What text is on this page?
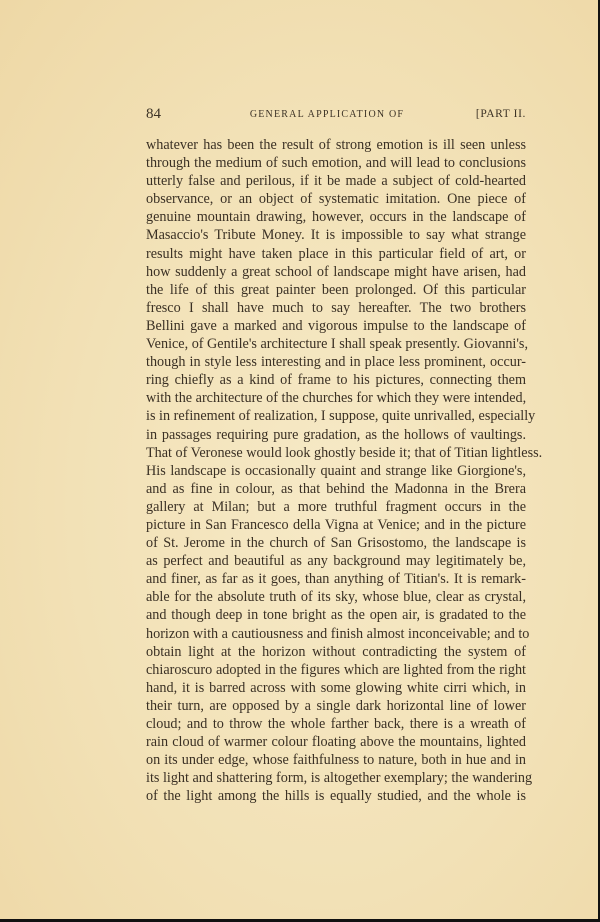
84	GENERAL APPLICATION OF	[PART II.
whatever has been the result of strong emotion is ill seen unless
through the medium of such emotion, and will lead to conclusions
utterly false and perilous, if it be made a subject of cold-hearted
observance, or an object of systematic imitation. One piece of
genuine mountain drawing, however, occurs in the landscape of
Masaccio's Tribute Money. It is impossible to say what strange
results might have taken place in this particular field of art, or
how suddenly a great school of landscape might have arisen, had
the life of this great painter been prolonged. Of this particular
fresco I shall have much to say hereafter. The two brothers
Bellini gave a marked and vigorous impulse to the landscape of
Venice, of Gentile's architecture I shall speak presently. Giovanni's,
though in style less interesting and in place less prominent, occur-
ring chiefly as a kind of frame to his pictures, connecting them
with the architecture of the churches for which they were intended,
is in refinement of realization, I suppose, quite unrivalled, especially
in passages requiring pure gradation, as the hollows of vaultings.
That of Veronese would look ghostly beside it; that of Titian lightless.
His landscape is occasionally quaint and strange like Giorgione's,
and as fine in colour, as that behind the Madonna in the Brera
gallery at Milan; but a more truthful fragment occurs in the
picture in San Francesco della Vigna at Venice; and in the picture
of St. Jerome in the church of San Grisostomo, the landscape is
as perfect and beautiful as any background may legitimately be,
and finer, as far as it goes, than anything of Titian's. It is remark-
able for the absolute truth of its sky, whose blue, clear as crystal,
and though deep in tone bright as the open air, is gradated to the
horizon with a cautiousness and finish almost inconceivable; and to
obtain light at the horizon without contradicting the system of
chiaroscuro adopted in the figures which are lighted from the right
hand, it is barred across with some glowing white cirri which, in
their turn, are opposed by a single dark horizontal line of lower
cloud; and to throw the whole farther back, there is a wreath of
rain cloud of warmer colour floating above the mountains, lighted
on its under edge, whose faithfulness to nature, both in hue and in
its light and shattering form, is altogether exemplary; the wandering
of the light among the hills is equally studied, and the whole is
